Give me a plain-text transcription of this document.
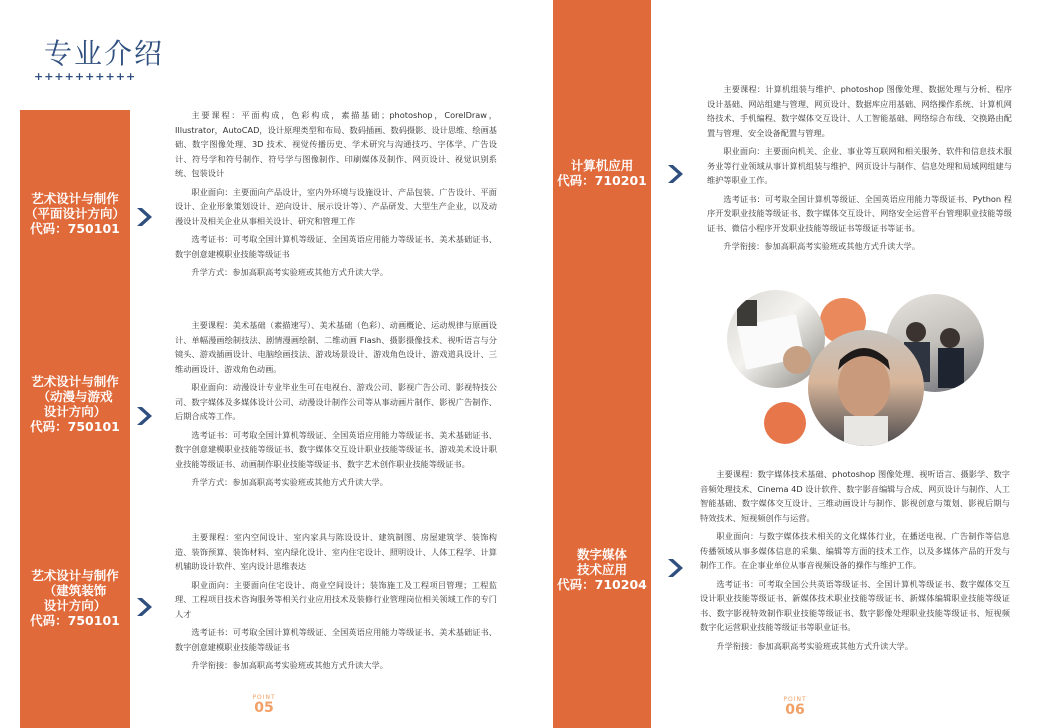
专业介绍
++++++++++
艺术设计与制作
（平面设计方向）
代码：750101

主要课程：平面构成，色彩构成，素描基础；photoshop，CorelDraw，Illustrator，AutoCAD，设计原理类型和布局、数码插画、数码摄影、设计思维、绘画基础、数字图像处理、3D 技术、视觉传播历史、学术研究与沟通技巧、字体学、广告设计、符号学和符号制作、符号学与图像制作、印刷媒体及制作、网页设计、视觉识别系统、包装设计

职业面向：主要面向产品设计，室内外环境与设施设计、产品包装、广告设计、平面设计、企业形象策划设计、逆向设计、展示设计等）、产品研发、大型生产企业，以及动漫设计及相关企业从事相关设计、研究和管理工作

选考证书：可考取全国计算机等级证、全国英语应用能力等级证书、美术基础证书、数字创意建模职业技能等级证书

升学方式：参加高职高考实验班或其他方式升读大学。

艺术设计与制作
（动漫与游戏
设计方向）
代码：750101

主要课程：美术基础（素描速写）、美术基础（色彩）、动画概论、运动规律与原画设计、单幅漫画绘制技法、剧情漫画绘制、二维动画 Flash、摄影摄像技术、视听语言与分镜头、游戏插画设计、电脑绘画技法、游戏场景设计、游戏角色设计、游戏道具设计、三维动画设计、游戏角色动画。

职业面向：动漫设计专业毕业生可在电视台、游戏公司、影视广告公司、影视特技公司、数字媒体及多媒体设计公司、动漫设计制作公司等从事动画片制作、影视广告制作、后期合成等工作。

选考证书：可考取全国计算机等级证、全国英语应用能力等级证书、美术基础证书、数字创意建模职业技能等级证书、数字媒体交互设计职业技能等级证书、游戏美术设计职业技能等级证书、动画制作职业技能等级证书、数字艺术创作职业技能等级证书。

升学方式：参加高职高考实验班或其他方式升读大学。

艺术设计与制作
（建筑装饰
设计方向）
代码：750101

主要课程：室内空间设计、室内家具与陈设设计、建筑制图、房屋建筑学、装饰构造、装饰预算、装饰材料、室内绿化设计、室内住宅设计、照明设计、人体工程学、计算机辅助设计软件、室内设计思维表达

职业面向：主要面向住宅设计、商业空间设计；装饰施工及工程项目管理；工程监理、工程项目技术咨询服务等相关行业应用技术及装修行业管理岗位相关领域工作的专门人才

选考证书：可考取全国计算机等级证、全国英语应用能力等级证书、美术基础证书、数字创意建模职业技能等级证书

升学衔接：参加高职高考实验班或其他方式升读大学。

计算机应用
代码：710201

主要课程：计算机组装与维护、photoshop 图像处理、数据处理与分析、程序设计基础、网站组建与管理、网页设计、数据库应用基础、网络操作系统、计算机网络技术、手机编程、数字媒体交互设计、人工智能基础、网络综合布线、交换路由配置与管理、安全设备配置与管理。

职业面向：主要面向机关、企业、事业等互联网和相关服务、软件和信息技术服务业等行业领域从事计算机组装与维护、网页设计与制作、信息处理和局域网组建与维护等职业工作。

选考证书：可考取全国计算机等级证、全国英语应用能力等级证书、Python 程序开发职业技能等级证书、数字媒体交互设计、网络安全运营平台管理职业技能等级证书、微信小程序开发职业技能等级证书等级证书等证书。

升学衔接：参加高职高考实验班或其他方式升读大学。

数字媒体
技术应用
代码：710204

主要课程：数字媒体技术基础、photoshop 图像处理、视听语言、摄影学、数字音频处理技术、Cinema 4D 设计软件、数字影音编辑与合成、网页设计与制作、人工智能基础、数字媒体交互设计、三维动画设计与制作、影视创意与策划、影视后期与特效技术、短视频创作与运营。

职业面向：与数字媒体技术相关的文化媒体行业，在播送电视、广告制作等信息传播领域从事多媒体信息的采集、编辑等方面的技术工作，以及多媒体产品的开发与制作工作。在企事业单位从事音视频设备的操作与维护工作。

选考证书：可考取全国公共英语等级证书、全国计算机等级证书、数字媒体交互设计职业技能等级证书、新媒体技术职业技能等级证书、新媒体编辑职业技能等级证书、数字影视特效制作职业技能等级证书、数字影像处理职业技能等级证书、短视频数字化运营职业技能等级证书等职业证书。

升学衔接：参加高职高考实验班或其他方式升读大学。

POINT
05
POINT
06
